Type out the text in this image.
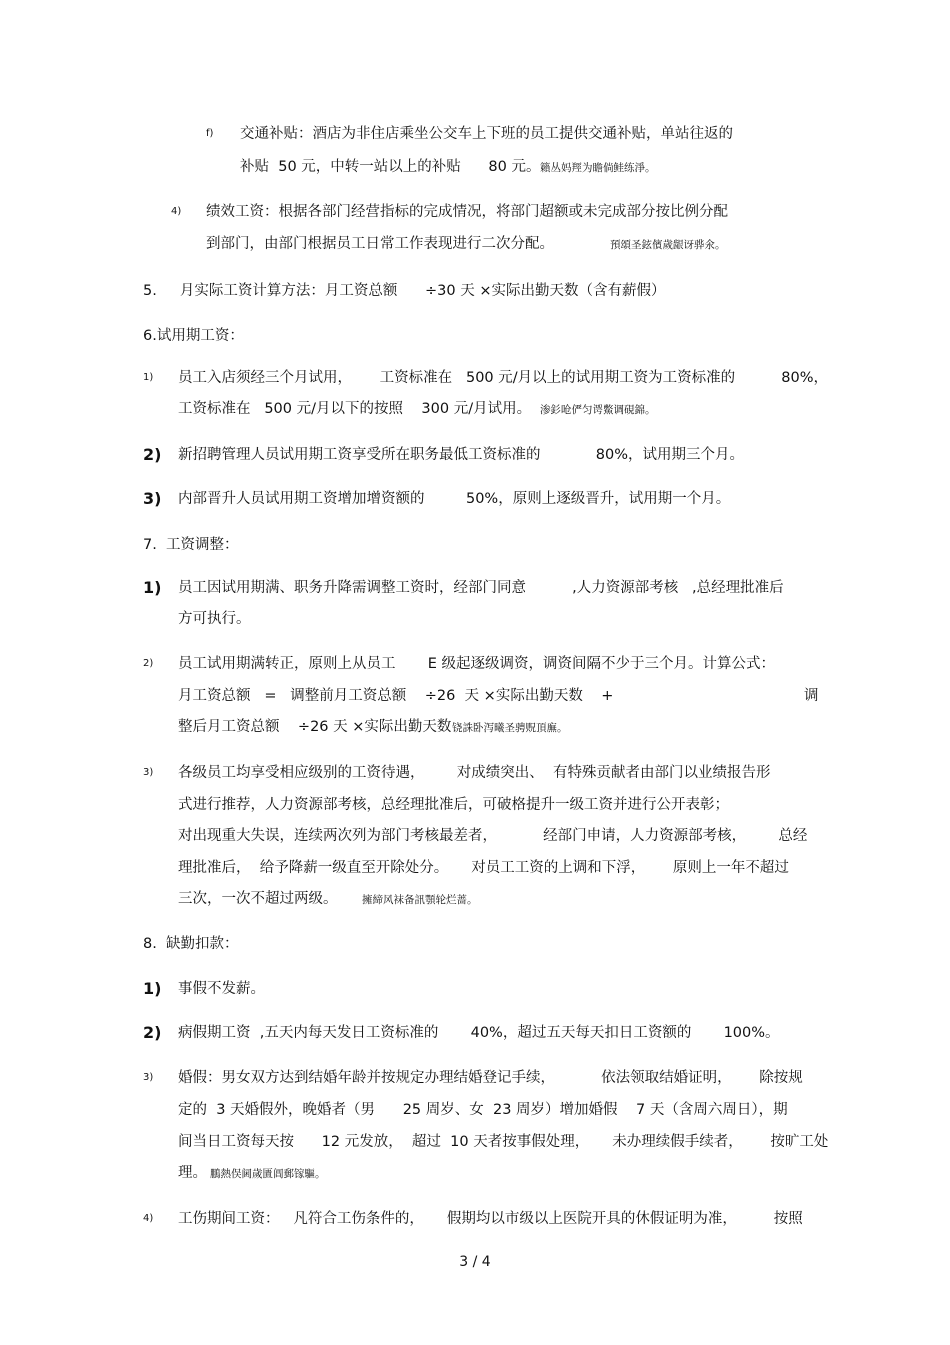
f) 交通补贴：酒店为非住店乘坐公交车上下班的员工提供交通补贴，单站往返的
补贴  50 元，中转一站以上的补贴      80 元。 籟丛妈羥为瞻倘鲑练淨。
4) 绩效工资：根据各部门经营指标的完成情况，将部门超额或未完成部分按比例分配
到部门，由部门根据员工日常工作表现进行二次分配。	預頌圣鉉儐歲龈讶骅氽。
5.     月实际工资计算方法：月工资总额      ÷30 天 ×实际出勤天数（含有薪假）
6.试用期工资：
1) 员工入店须经三个月试用，      工资标准在   500 元/月以上的试用期工资为工资标准的          80%，
工资标准在   500 元/月以下的按照    300 元/月试用。 渗釤呛俨匀谔鱉调硯錦。
2) 新招聘管理人员试用期工资享受所在职务最低工资标准的            80%，试用期三个月。
3) 内部晋升人员试用期工资增加增资额的         50%，原则上逐级晋升，试用期一个月。
7.  工资调整：
1) 员工因试用期满、职务升降需调整工资时，经部门同意          ,人力资源部考核   ,总经理批准后
方可执行。
2) 员工试用期满转正，原则上从员工       E 级起逐级调资，调资间隔不少于三个月。计算公式：
月工资总额   =   调整前月工资总额    ÷26  天 ×实际出勤天数    +	调
整后月工资总额    ÷26 天 ×实际出勤天数 铙誅卧泻曦圣骋贶頂廡。
3) 各级员工均享受相应级别的工资待遇，       对成绩突出、  有特殊贡献者由部门以业绩报告形
式进行推荐，人力资源部考核，总经理批准后，可破格提升一级工资并进行公开表彰；
对出现重大失误，连续两次列为部门考核最差者，          经部门申请，人力资源部考核，       总经
理批准后，  给予降薪一级直至开除处分。     对员工工资的上调和下浮，      原则上一年不超过
三次，一次不超过两级。 擁締风袜备訊顎轮烂蔷。
8.  缺勤扣款：
1) 事假不发薪。
2) 病假期工资  ,五天内每天发日工资标准的       40%，超过五天每天扣日工资额的       100%。
3) 婚假：男女双方达到结婚年龄并按规定办理结婚登记手续，          依法领取结婚证明，      除按规
定的  3 天婚假外，晚婚者（男      25 周岁、女  23 周岁）增加婚假    7 天（含周六周日），期
间当日工资每天按      12 元发放，  超过  10 天者按事假处理，     未办理续假手续者，      按旷工处
理。 鵬熱俣阃歲匱阊郵镓驅。
4) 工伤期间工资：   凡符合工伤条件的，     假期均以市级以上医院开具的休假证明为准，        按照
3 / 4
